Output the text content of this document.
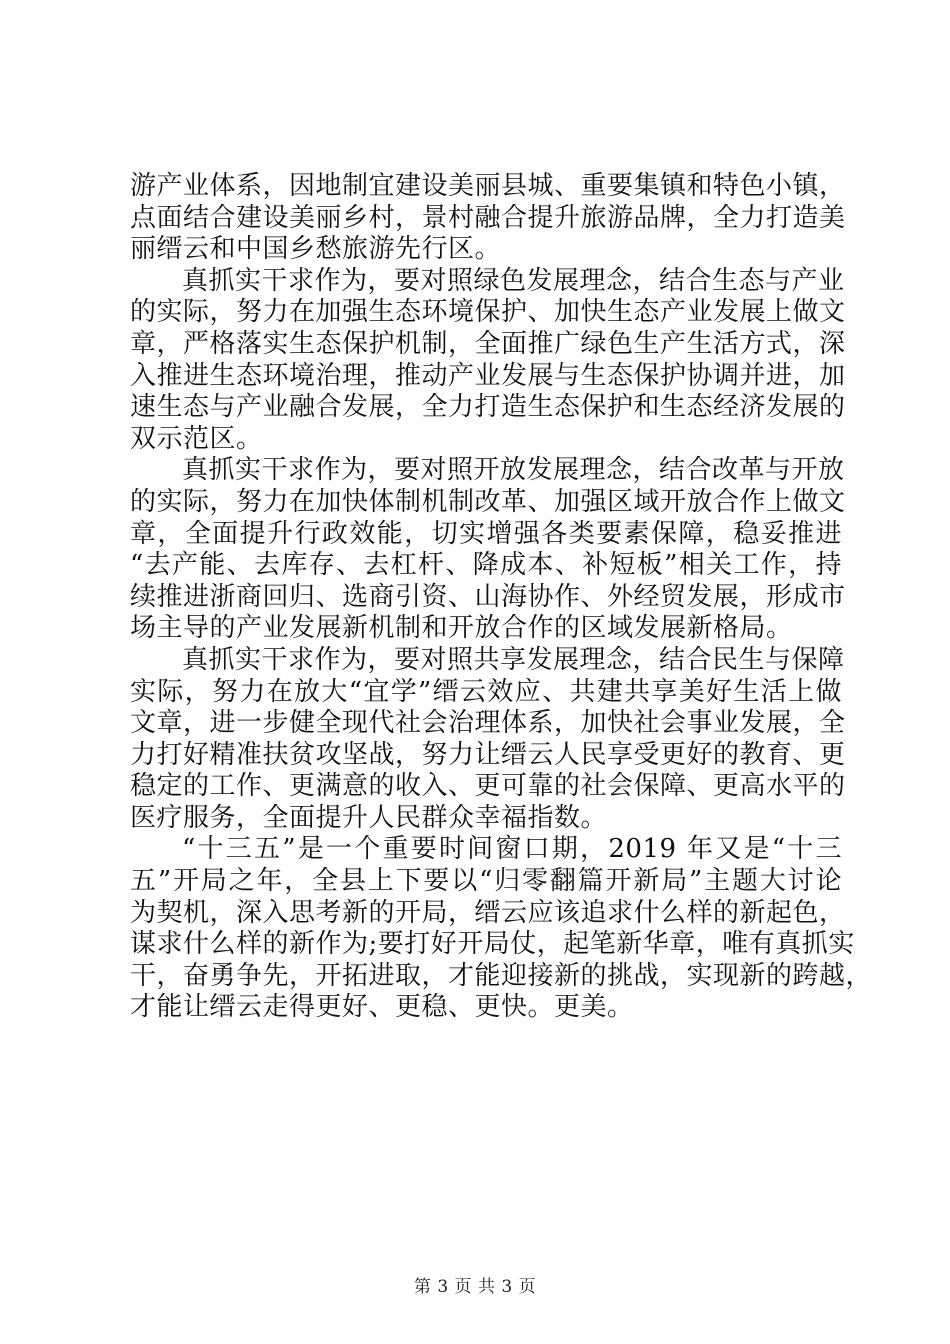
游产业体系，因地制宜建设美丽县城、重要集镇和特色小镇，
点面结合建设美丽乡村，景村融合提升旅游品牌，全力打造美
丽缙云和中国乡愁旅游先行区。
真抓实干求作为，要对照绿色发展理念，结合生态与产业
的实际，努力在加强生态环境保护、加快生态产业发展上做文
章，严格落实生态保护机制，全面推广绿色生产生活方式，深
入推进生态环境治理，推动产业发展与生态保护协调并进，加
速生态与产业融合发展，全力打造生态保护和生态经济发展的
双示范区。
真抓实干求作为，要对照开放发展理念，结合改革与开放
的实际，努力在加快体制机制改革、加强区域开放合作上做文
章，全面提升行政效能，切实增强各类要素保障，稳妥推进
“去产能、去库存、去杠杆、降成本、补短板”相关工作，持
续推进浙商回归、选商引资、山海协作、外经贸发展，形成市
场主导的产业发展新机制和开放合作的区域发展新格局。
真抓实干求作为，要对照共享发展理念，结合民生与保障
实际，努力在放大“宜学”缙云效应、共建共享美好生活上做
文章，进一步健全现代社会治理体系，加快社会事业发展，全
力打好精准扶贫攻坚战，努力让缙云人民享受更好的教育、更
稳定的工作、更满意的收入、更可靠的社会保障、更高水平的
医疗服务，全面提升人民群众幸福指数。
“十三五”是一个重要时间窗口期，2019 年又是“十三
五”开局之年，全县上下要以“归零翻篇开新局”主题大讨论
为契机，深入思考新的开局，缙云应该追求什么样的新起色，
谋求什么样的新作为;要打好开局仗，起笔新华章，唯有真抓实
干，奋勇争先，开拓进取，才能迎接新的挑战，实现新的跨越，
才能让缙云走得更好、更稳、更快。更美。
第 3 页 共 3 页
